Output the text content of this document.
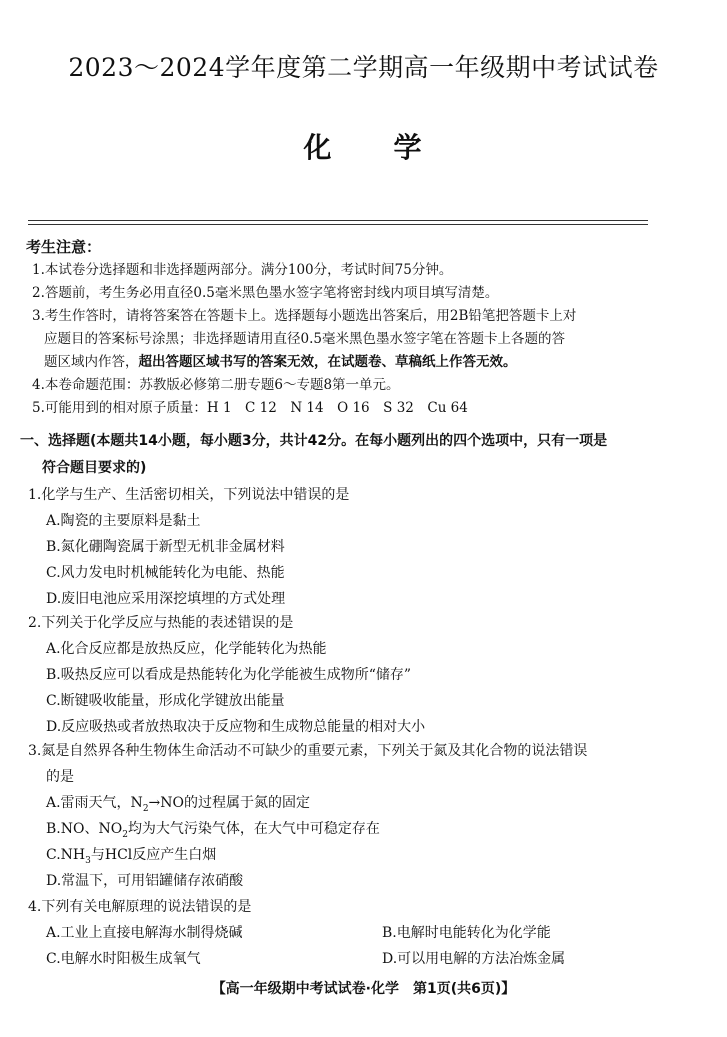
2023～2024学年度第二学期高一年级期中考试试卷
化　　学
考生注意：
1.本试卷分选择题和非选择题两部分。满分100分，考试时间75分钟。
2.答题前，考生务必用直径0.5毫米黑色墨水签字笔将密封线内项目填写清楚。
3.考生作答时，请将答案答在答题卡上。选择题每小题选出答案后，用2B铅笔把答题卡上对
应题目的答案标号涂黑；非选择题请用直径0.5毫米黑色墨水签字笔在答题卡上各题的答
题区域内作答，超出答题区域书写的答案无效，在试题卷、草稿纸上作答无效。
4.本卷命题范围：苏教版必修第二册专题6～专题8第一单元。
5.可能用到的相对原子质量：H 1　C 12　N 14　O 16　S 32　Cu 64
一、选择题(本题共14小题，每小题3分，共计42分。在每小题列出的四个选项中，只有一项是
符合题目要求的)
1.化学与生产、生活密切相关，下列说法中错误的是
A.陶瓷的主要原料是黏土
B.氮化硼陶瓷属于新型无机非金属材料
C.风力发电时机械能转化为电能、热能
D.废旧电池应采用深挖填埋的方式处理
2.下列关于化学反应与热能的表述错误的是
A.化合反应都是放热反应，化学能转化为热能
B.吸热反应可以看成是热能转化为化学能被生成物所“储存”
C.断键吸收能量，形成化学键放出能量
D.反应吸热或者放热取决于反应物和生成物总能量的相对大小
3.氮是自然界各种生物体生命活动不可缺少的重要元素，下列关于氮及其化合物的说法错误
的是
A.雷雨天气，$N_2\to NO$的过程属于氮的固定
B.NO、$NO_2$均为大气污染气体，在大气中可稳定存在
$C.NH_3$与HCl反应产生白烟
D.常温下，可用铝罐储存浓硝酸
4.下列有关电解原理的说法错误的是
A.工业上直接电解海水制得烧碱	B.电解时电能转化为化学能
C.电解水时阳极生成氧气	D.可以用电解的方法冶炼金属
【高一年级期中考试试卷·化学　第1页(共6页)】
